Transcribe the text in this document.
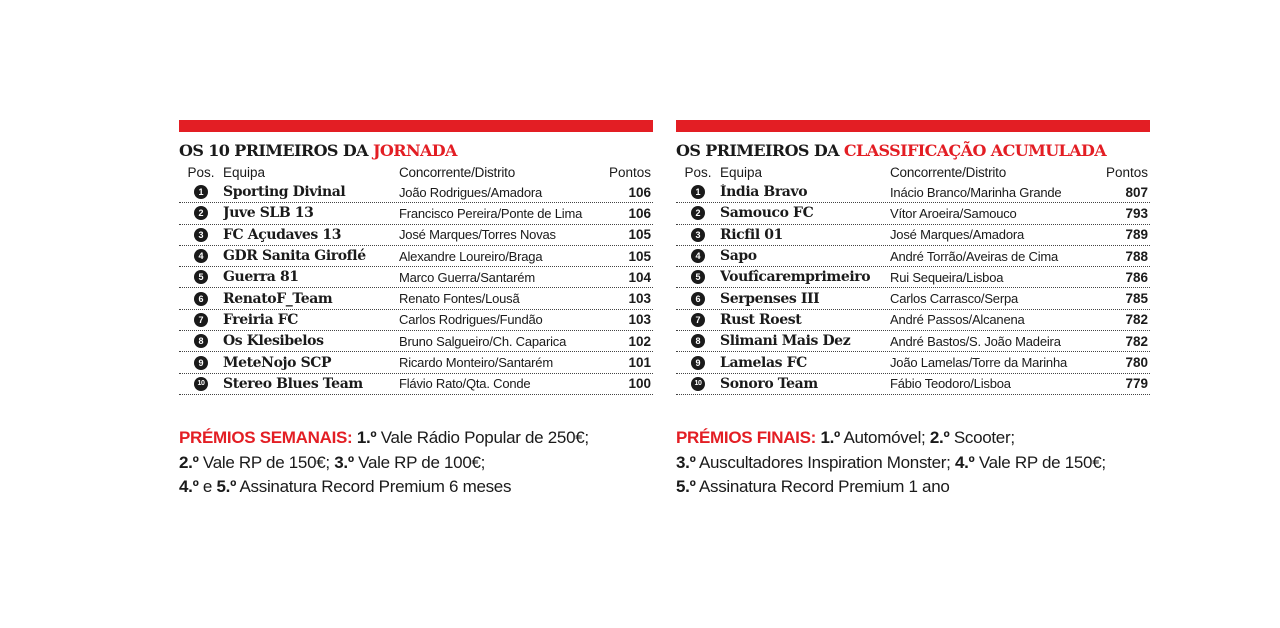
OS 10 PRIMEIROS DA JORNADA
Pos. Equipa	Concorrente/Distrito	Pontos
1	Sporting Divinal	João Rodrigues/Amadora	106
2	Juve SLB 13	Francisco Pereira/Ponte de Lima	106
3	FC Açudaves 13	José Marques/Torres Novas	105
4	GDR Sanita Giroflé	Alexandre Loureiro/Braga	105
5	Guerra 81	Marco Guerra/Santarém	104
6	RenatoF_Team	Renato Fontes/Lousã	103
7	Freiria FC	Carlos Rodrigues/Fundão	103
8	Os Klesibelos	Bruno Salgueiro/Ch. Caparica	102
9	MeteNojo SCP	Ricardo Monteiro/Santarém	101
10 Stereo Blues Team	Flávio Rato/Qta. Conde	100
OS PRIMEIROS DA CLASSIFICAÇÃO ACUMULADA
Pos. Equipa	Concorrente/Distrito	Pontos
1	Índia Bravo	Inácio Branco/Marinha Grande	807
2	Samouco FC	Vítor Aroeira/Samouco	793
3	Ricfil 01	José Marques/Amadora	789
4	Sapo	André Torrão/Aveiras de Cima	788
5	Voufîcaremprimeiro	Rui Sequeira/Lisboa	786
6	Serpenses III	Carlos Carrasco/Serpa	785
7	Rust Roest	André Passos/Alcanena	782
8	Slimani Mais Dez	André Bastos/S. João Madeira	782
9	Lamelas FC	João Lamelas/Torre da Marinha	780
10 Sonoro Team	Fábio Teodoro/Lisboa	779
PRÉMIOS SEMANAIS: 1.º Vale Rádio Popular de 250€;
2.º Vale RP de 150€; 3.º Vale RP de 100€;
4.º e 5.º Assinatura Record Premium 6 meses
PRÉMIOS FINAIS: 1.º Automóvel; 2.º Scooter;
3.º Auscultadores Inspiration Monster; 4.º Vale RP de 150€;
5.º Assinatura Record Premium 1 ano
